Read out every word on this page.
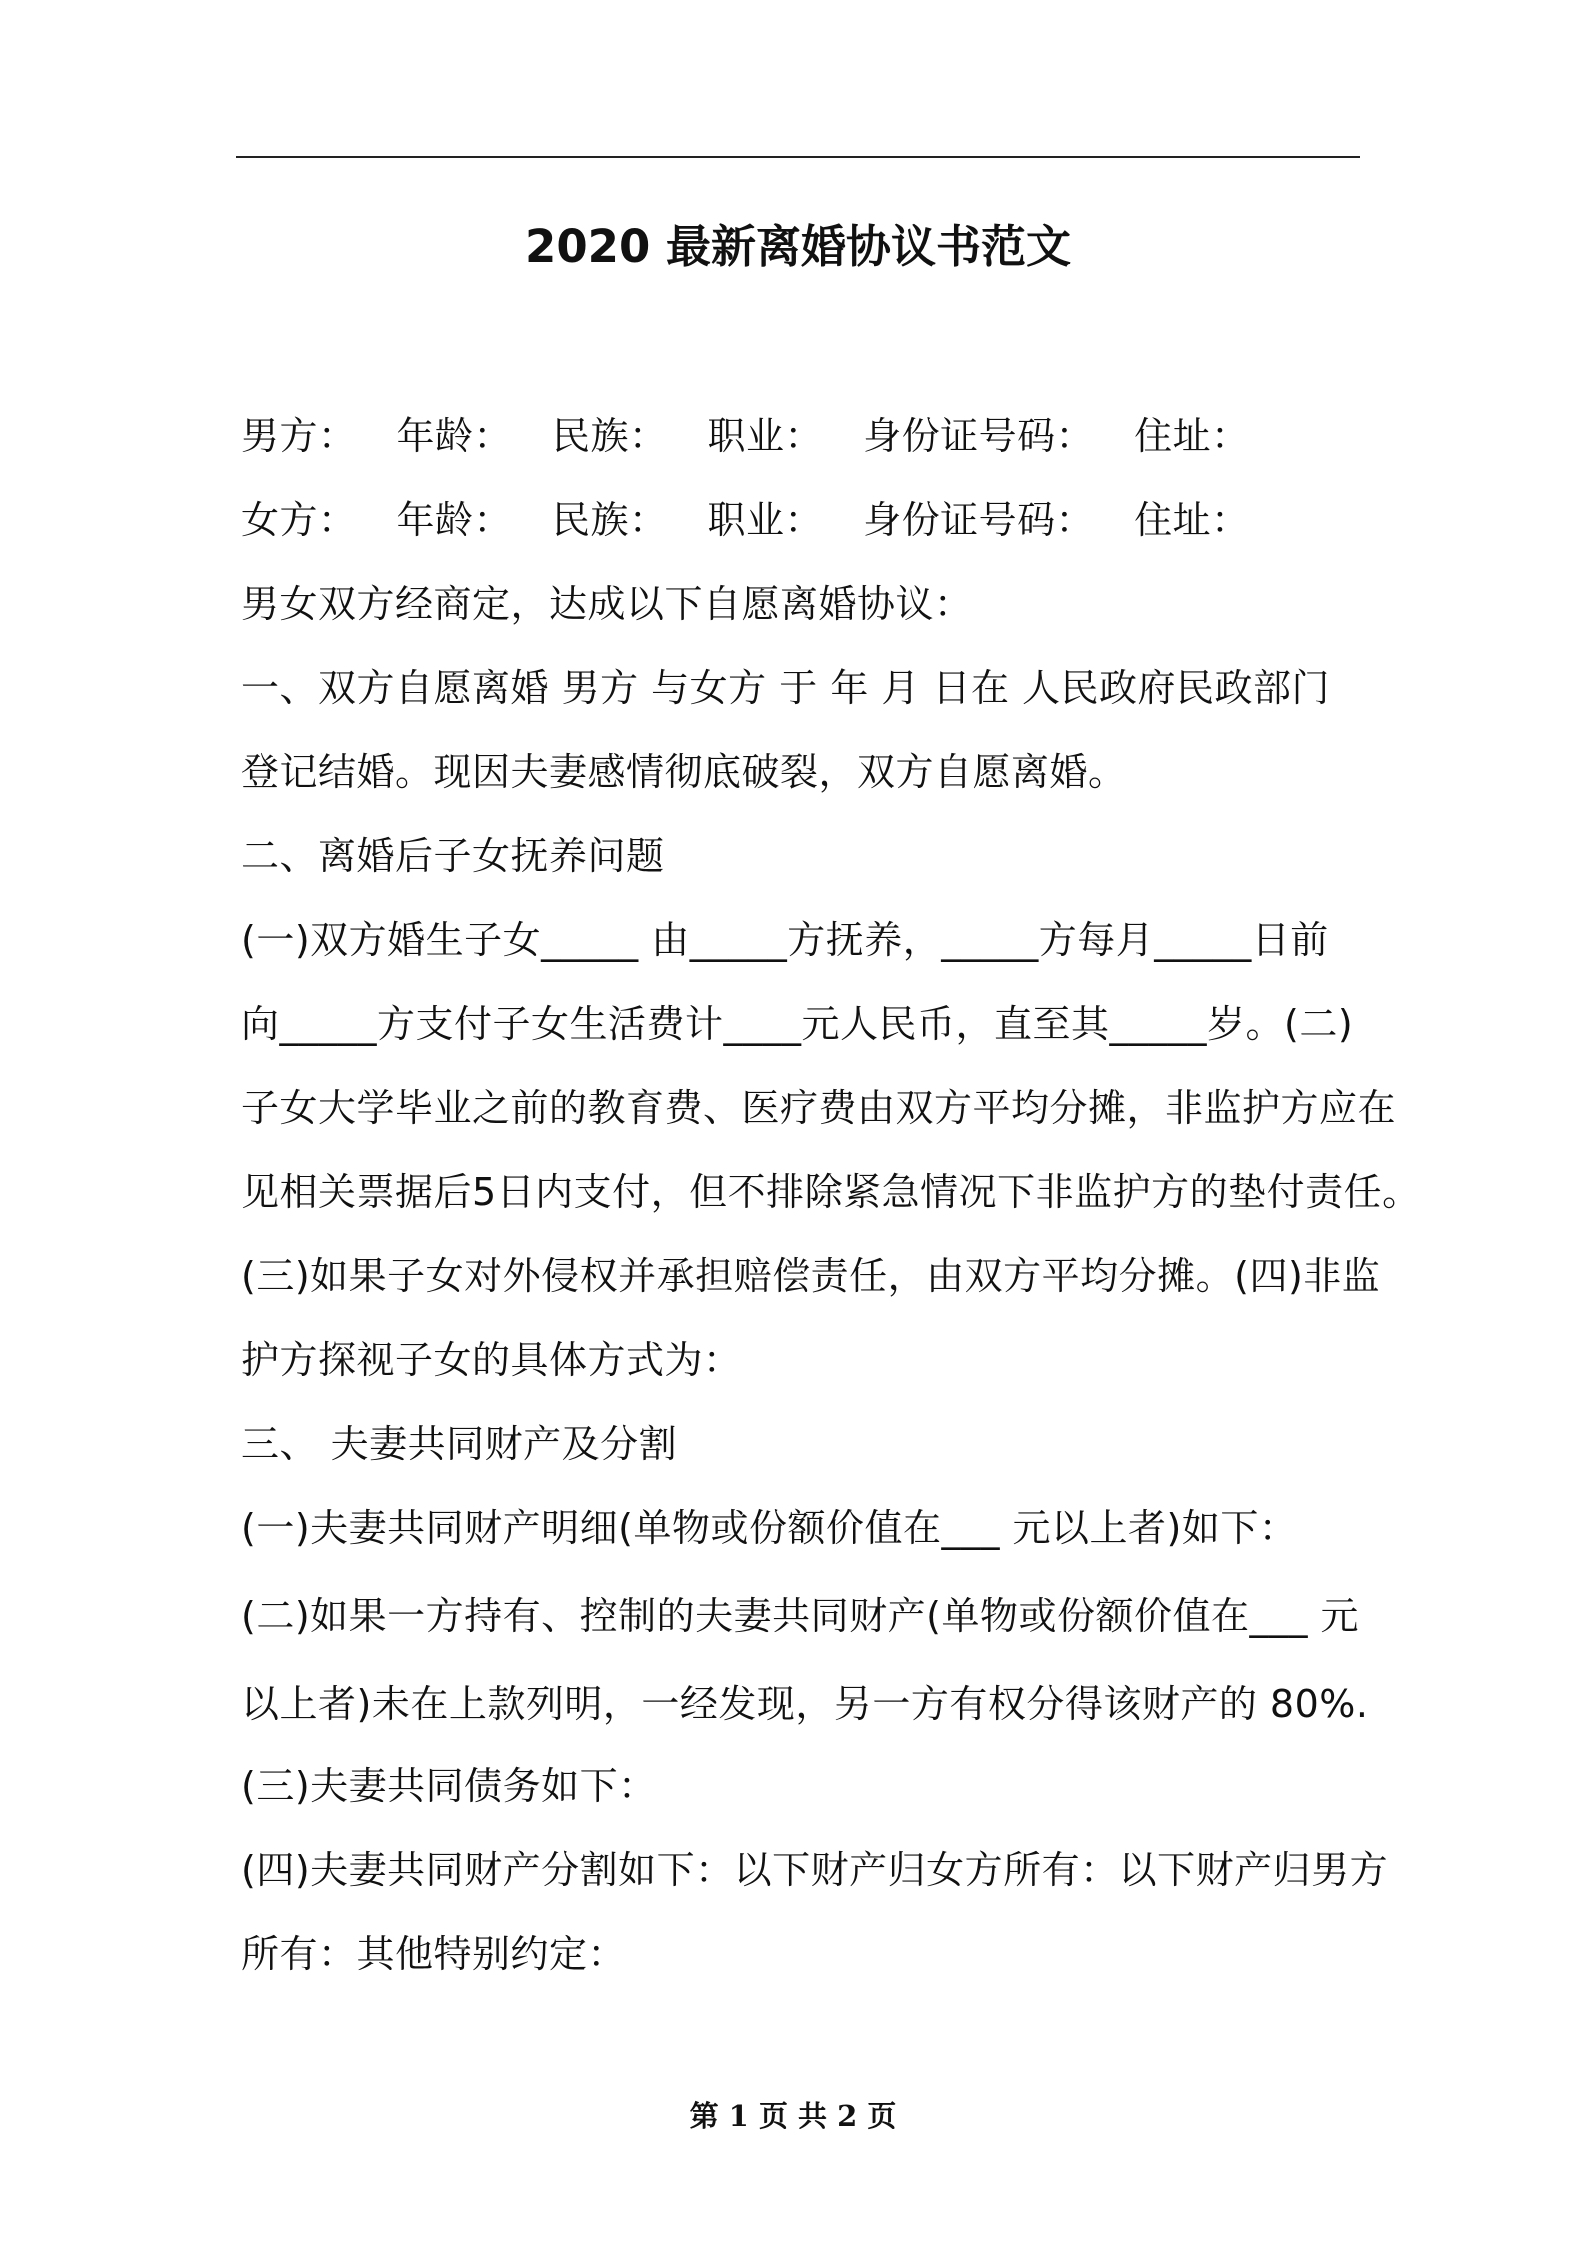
2020 最新离婚协议书范文
男方： 年龄： 民族： 职业： 身份证号码： 住址：
女方： 年龄： 民族： 职业： 身份证号码： 住址：
男女双方经商定，达成以下自愿离婚协议：
一、双方自愿离婚 男方 与女方 于 年 月 日在 人民政府民政部门
登记结婚。现因夫妻感情彻底破裂，双方自愿离婚。
二、离婚后子女抚养问题
(一)双方婚生子女_____ 由_____方抚养，_____方每月_____日前
向_____方支付子女生活费计____元人民币，直至其_____岁。(二)
子女大学毕业之前的教育费、医疗费由双方平均分摊，非监护方应在
见相关票据后5日内支付，但不排除紧急情况下非监护方的垫付责任。
(三)如果子女对外侵权并承担赔偿责任，由双方平均分摊。(四)非监
护方探视子女的具体方式为：
三、 夫妻共同财产及分割
(一)夫妻共同财产明细(单物或份额价值在___ 元以上者)如下：
(二)如果一方持有、控制的夫妻共同财产(单物或份额价值在___ 元
以上者)未在上款列明，一经发现，另一方有权分得该财产的 80%.
(三)夫妻共同债务如下：
(四)夫妻共同财产分割如下：以下财产归女方所有：以下财产归男方
所有：其他特别约定：
第 1 页 共 2 页
